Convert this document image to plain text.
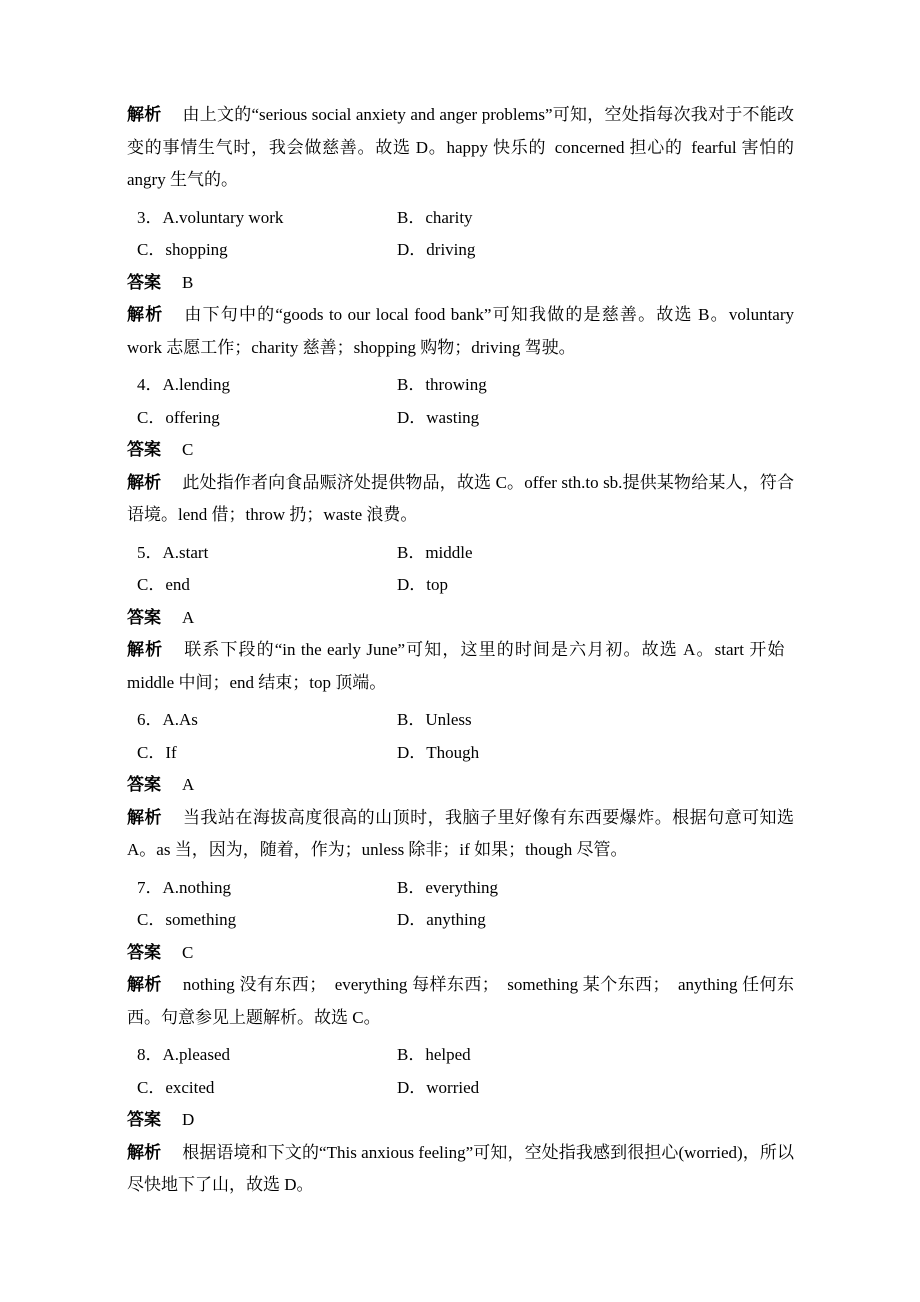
解析 由上文的“serious social anxiety and anger problems”可知，空处指每次我对于不能改变的事情生气时，我会做慈善。故选 D。happy 快乐的 concerned 担心的 fearful 害怕的　angry 生气的。

3．A.voluntary work	B．charity
C．shopping	D．driving

答案 B

解析 由下句中的“goods to our local food bank”可知我做的是慈善。故选 B。voluntary work 志愿工作；charity 慈善；shopping 购物；driving 驾驶。

4．A.lending	B．throwing
C．offering	D．wasting

答案 C

解析 此处指作者向食品赈济处提供物品，故选 C。offer sth.to sb.提供某物给某人，符合语境。lend 借；throw 扔；waste 浪费。

5．A.start	B．middle
C．end	D．top

答案 A

解析 联系下段的“in the early June”可知，这里的时间是六月初。故选 A。start 开始 middle 中间；end 结束；top 顶端。

6．A.As	B．Unless
C．If	D．Though

答案 A

解析 当我站在海拔高度很高的山顶时，我脑子里好像有东西要爆炸。根据句意可知选 A。as 当，因为，随着，作为；unless 除非；if 如果；though 尽管。

7．A.nothing	B．everything
C．something	D．anything

答案 C

解析 nothing 没有东西； everything 每样东西； something 某个东西； anything 任何东西。句意参见上题解析。故选 C。

8．A.pleased	B．helped
C．excited	D．worried

答案 D

解析 根据语境和下文的“This anxious feeling”可知，空处指我感到很担心(worried)，所以尽快地下了山，故选 D。
